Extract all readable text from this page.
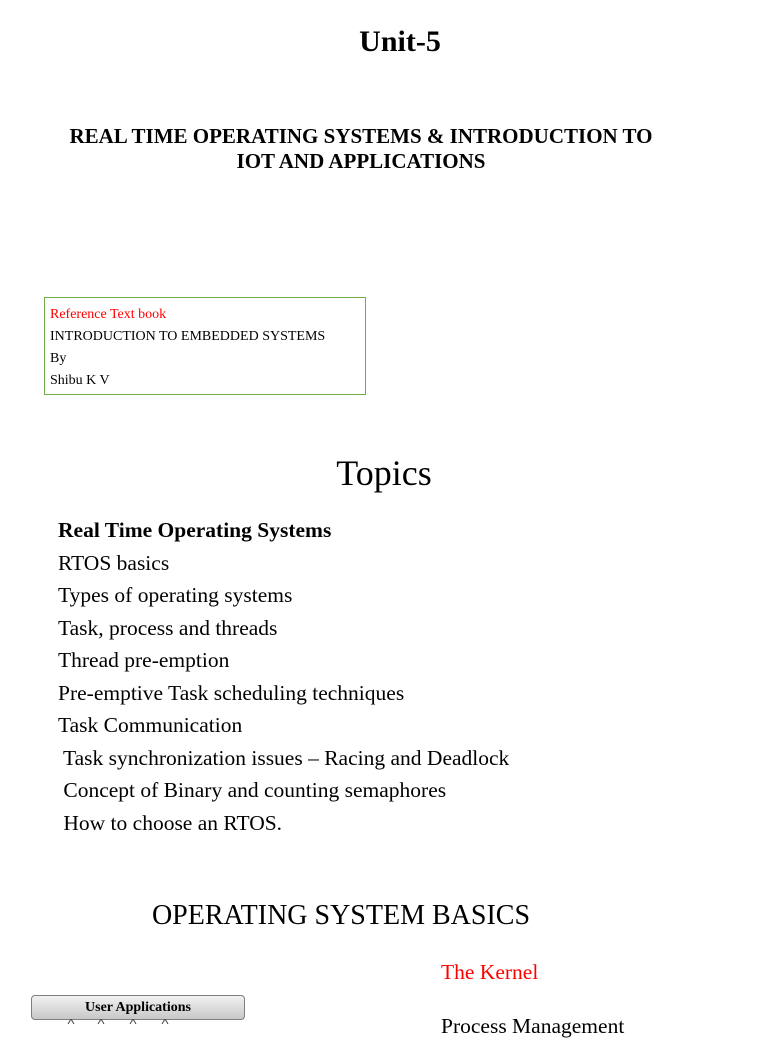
Unit-5
REAL TIME OPERATING SYSTEMS & INTRODUCTION TO
IOT AND APPLICATIONS
Reference Text book
INTRODUCTION TO EMBEDDED SYSTEMS
By
Shibu K V
Topics
Real Time Operating Systems
RTOS basics
Types of operating systems
Task, process and threads
Thread pre-emption
Pre-emptive Task scheduling techniques
Task Communication
Task synchronization issues – Racing and Deadlock
Concept of Binary and counting semaphores
How to choose an RTOS.
OPERATING SYSTEM BASICS
The Kernel
Process Management
User Applications
